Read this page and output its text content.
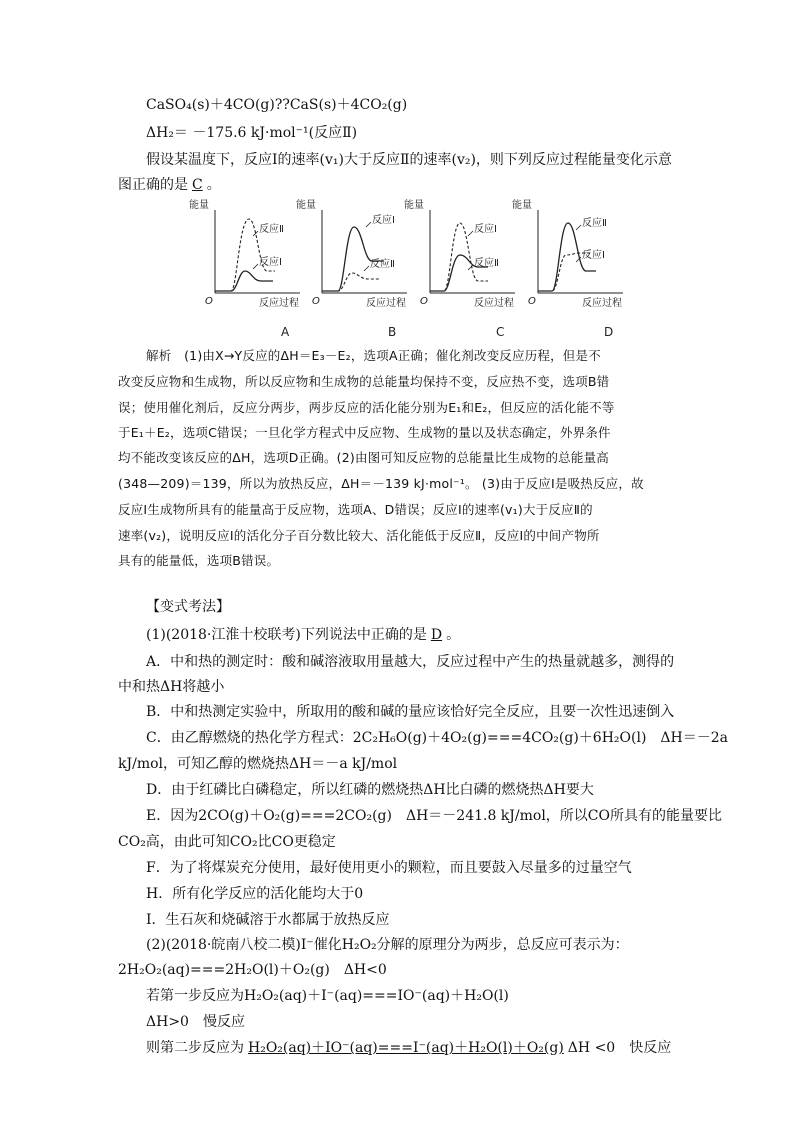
CaSO₄(s)＋4CO(g)??CaS(s)＋4CO₂(g)
ΔH₂＝ －175.6 kJ·mol⁻¹(反应Ⅱ)
假设某温度下，反应Ⅰ的速率(v₁)大于反应Ⅱ的速率(v₂)，则下列反应过程能量变化示意
图正确的是 C 。
能量
反应过程
O
反应Ⅱ
反应Ⅰ
A
能量
反应过程
O
反应Ⅰ
反应Ⅱ
B
能量
反应过程
O
反应Ⅰ
反应Ⅱ
C
能量
反应过程
O
反应Ⅱ
反应Ⅰ
D
解析　(1)由X→Y反应的ΔH＝E₃－E₂，选项A正确；催化剂改变反应历程，但是不
改变反应物和生成物，所以反应物和生成物的总能量均保持不变，反应热不变，选项B错
误；使用催化剂后，反应分两步，两步反应的活化能分别为E₁和E₂，但反应的活化能不等
于E₁＋E₂，选项C错误；一旦化学方程式中反应物、生成物的量以及状态确定，外界条件
均不能改变该反应的ΔH，选项D正确。(2)由图可知反应物的总能量比生成物的总能量高
(348—209)＝139，所以为放热反应，ΔH＝－139 kJ·mol⁻¹。 (3)由于反应Ⅰ是吸热反应，故
反应Ⅰ生成物所具有的能量高于反应物，选项A、D错误；反应Ⅰ的速率(v₁)大于反应Ⅱ的
速率(v₂)，说明反应Ⅰ的活化分子百分数比较大、活化能低于反应Ⅱ，反应Ⅰ的中间产物所
具有的能量低，选项B错误。
【变式考法】
(1)(2018·江淮十校联考)下列说法中正确的是 D 。
A．中和热的测定时：酸和碱溶液取用量越大，反应过程中产生的热量就越多，测得的
中和热ΔH将越小
B．中和热测定实验中，所取用的酸和碱的量应该恰好完全反应，且要一次性迅速倒入
C．由乙醇燃烧的热化学方程式：2C₂H₆O(g)＋4O₂(g)===4CO₂(g)＋6H₂O(l)　ΔH＝－2a
kJ/mol，可知乙醇的燃烧热ΔH＝－a kJ/mol
D．由于红磷比白磷稳定，所以红磷的燃烧热ΔH比白磷的燃烧热ΔH要大
E．因为2CO(g)＋O₂(g)===2CO₂(g)　ΔH＝－241.8 kJ/mol，所以CO所具有的能量要比
CO₂高，由此可知CO₂比CO更稳定
F．为了将煤炭充分使用，最好使用更小的颗粒，而且要鼓入尽量多的过量空气
H．所有化学反应的活化能均大于0
I．生石灰和烧碱溶于水都属于放热反应
(2)(2018·皖南八校二模)I⁻催化H₂O₂分解的原理分为两步，总反应可表示为：
2H₂O₂(aq)===2H₂O(l)＋O₂(g)　ΔH<0
若第一步反应为H₂O₂(aq)＋I⁻(aq)===IO⁻(aq)＋H₂O(l)
ΔH>0　慢反应
则第二步反应为 H₂O₂(aq)＋IO⁻(aq)===I⁻(aq)＋H₂O(l)＋O₂(g) ΔH <0　快反应
